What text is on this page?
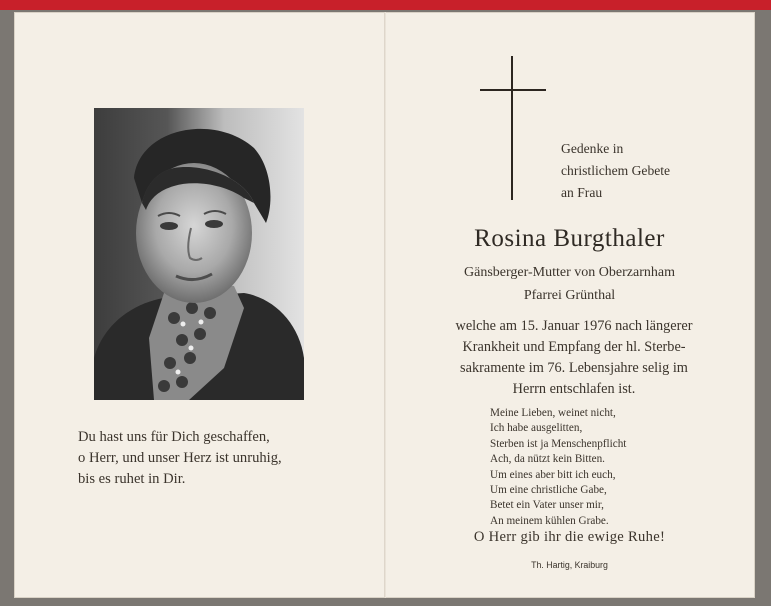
Du hast uns für Dich geschaffen,
o Herr, und unser Herz ist unruhig,
bis es ruhet in Dir.
Gedenke in
christlichem Gebete
an Frau
Rosina Burgthaler
Gänsberger-Mutter von Oberzarnham
Pfarrei Grünthal
welche am 15. Januar 1976 nach längerer
Krankheit und Empfang der hl. Sterbe-
sakramente im 76. Lebensjahre selig im
Herrn entschlafen ist.
Meine Lieben, weinet nicht,
Ich habe ausgelitten,
Sterben ist ja Menschenpflicht
Ach, da nützt kein Bitten.
Um eines aber bitt ich euch,
Um eine christliche Gabe,
Betet ein Vater unser mir,
An meinem kühlen Grabe.
O Herr gib ihr die ewige Ruhe!
Th. Hartig, Kraiburg
